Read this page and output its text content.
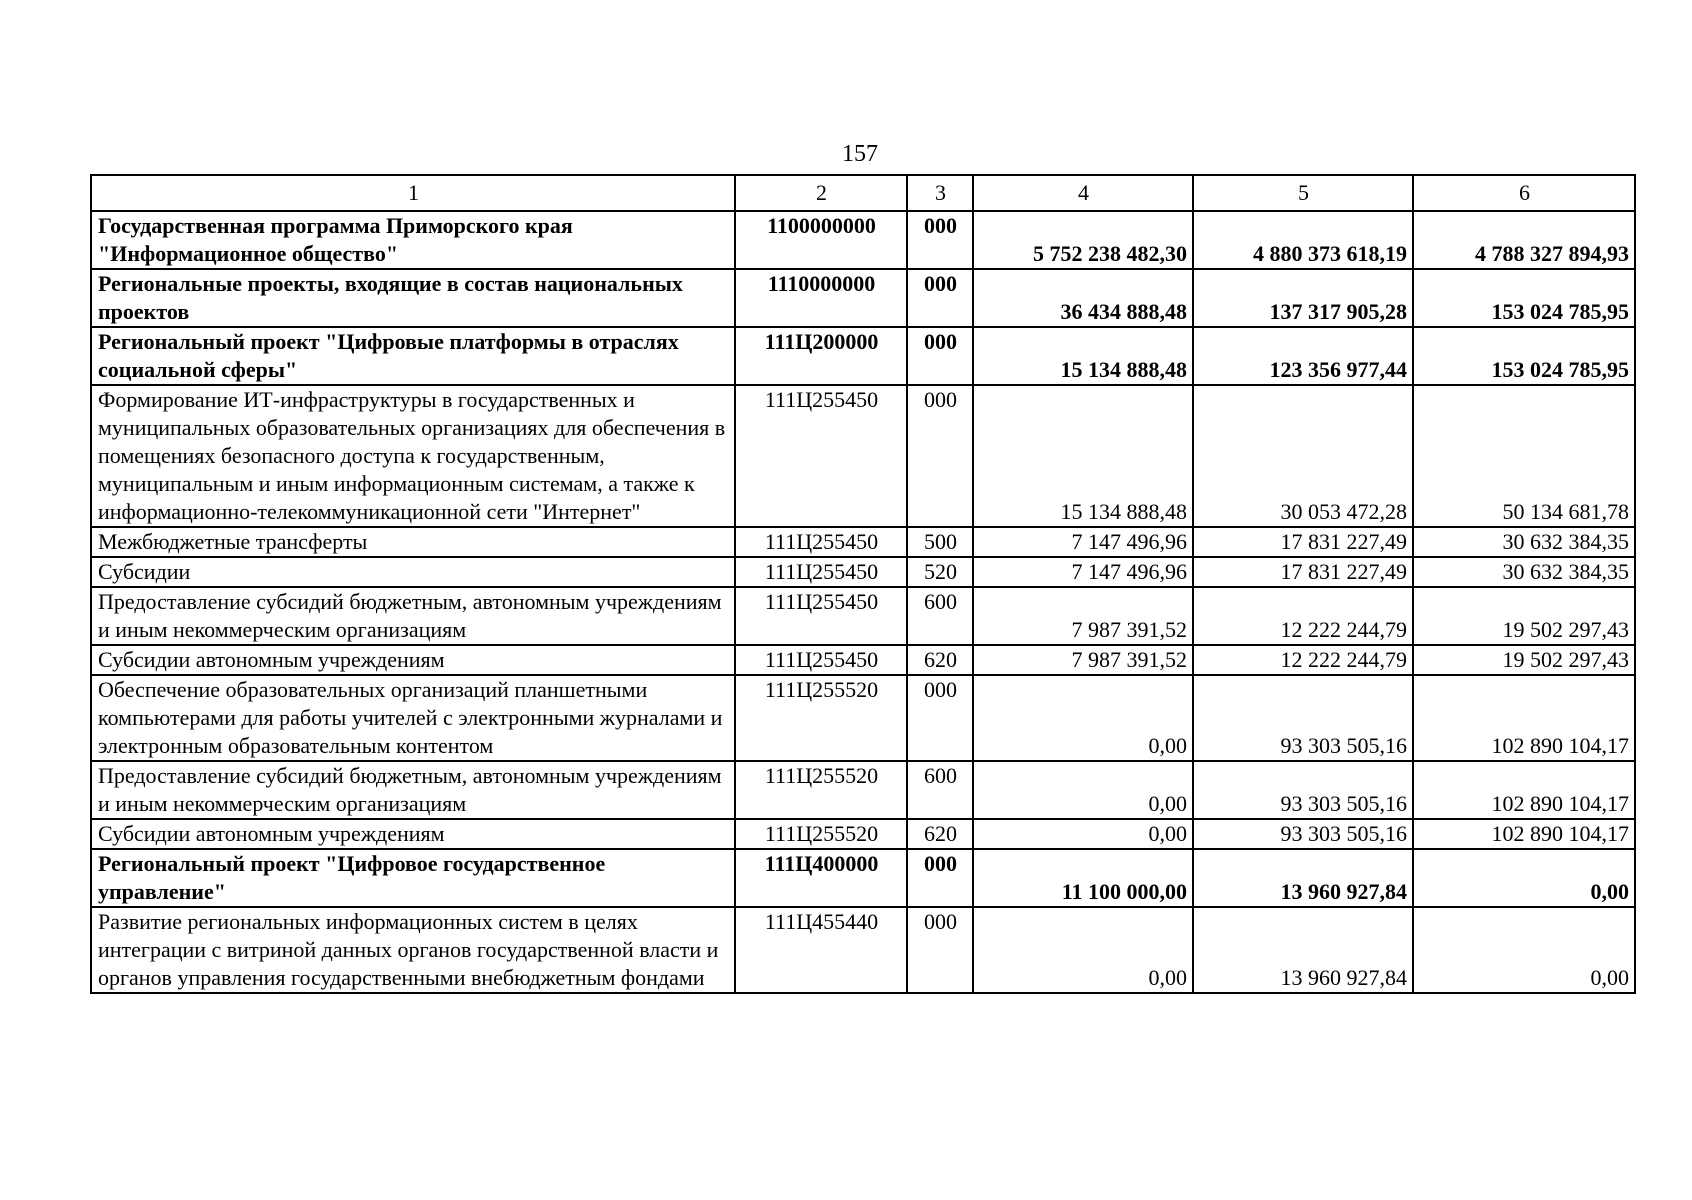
157
1	2	3	4	5	6
Государственная программа Приморского края "Информационное общество"	1100000000	000	5 752 238 482,30	4 880 373 618,19	4 788 327 894,93
Региональные проекты, входящие в состав национальных проектов	1110000000	000	36 434 888,48	137 317 905,28	153 024 785,95
Региональный проект "Цифровые платформы в отраслях социальной сферы"	111Ц200000	000	15 134 888,48	123 356 977,44	153 024 785,95
Формирование ИТ-инфраструктуры в государственных и муниципальных образовательных организациях для обеспечения в помещениях безопасного доступа к государственным, муниципальным и иным информационным системам, а также к информационно-телекоммуникационной сети "Интернет"	111Ц255450	000	15 134 888,48	30 053 472,28	50 134 681,78
Межбюджетные трансферты	111Ц255450	500	7 147 496,96	17 831 227,49	30 632 384,35
Субсидии	111Ц255450	520	7 147 496,96	17 831 227,49	30 632 384,35
Предоставление субсидий бюджетным, автономным учреждениям и иным некоммерческим организациям	111Ц255450	600	7 987 391,52	12 222 244,79	19 502 297,43
Субсидии автономным учреждениям	111Ц255450	620	7 987 391,52	12 222 244,79	19 502 297,43
Обеспечение образовательных организаций планшетными компьютерами для работы учителей с электронными журналами и электронным образовательным контентом	111Ц255520	000	0,00	93 303 505,16	102 890 104,17
Предоставление субсидий бюджетным, автономным учреждениям и иным некоммерческим организациям	111Ц255520	600	0,00	93 303 505,16	102 890 104,17
Субсидии автономным учреждениям	111Ц255520	620	0,00	93 303 505,16	102 890 104,17
Региональный проект "Цифровое государственное управление"	111Ц400000	000	11 100 000,00	13 960 927,84	0,00
Развитие региональных информационных систем в целях интеграции с витриной данных органов государственной власти и органов управления государственными внебюджетным фондами	111Ц455440	000	0,00	13 960 927,84	0,00
